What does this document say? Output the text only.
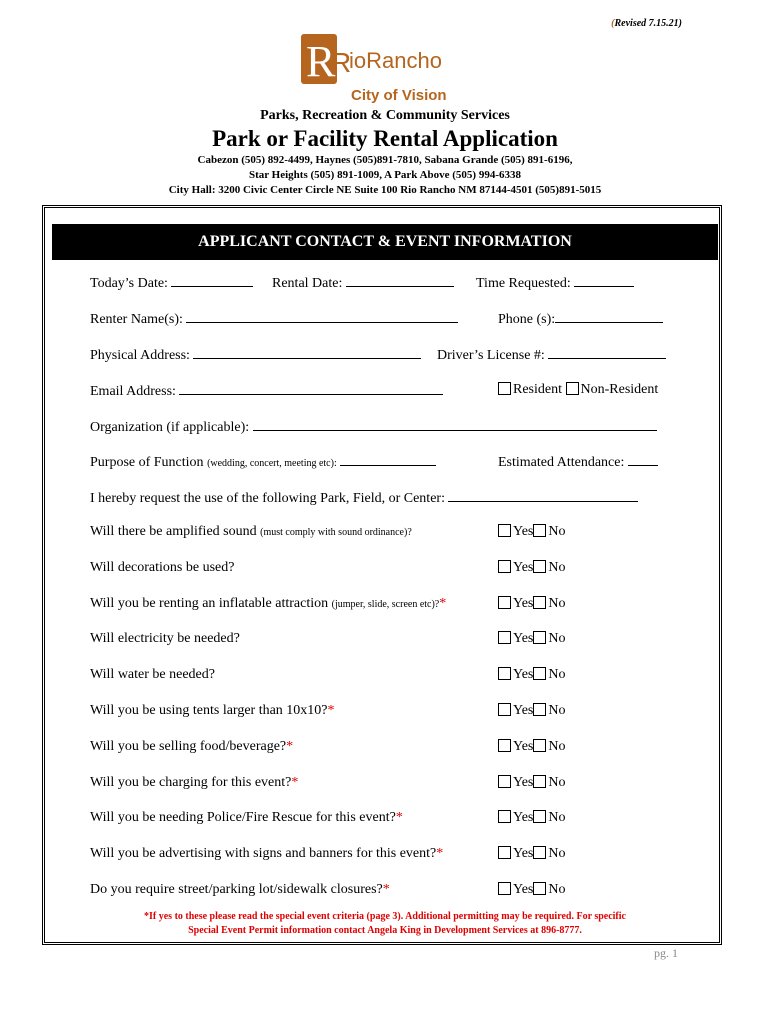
(Revised 7.15.21)
R
R
ioRancho
City of Vision
Parks, Recreation & Community Services
Park or Facility Rental Application
Cabezon (505) 892-4499, Haynes (505)891-7810, Sabana Grande (505) 891-6196,
Star Heights (505) 891-1009, A Park Above (505) 994-6338
City Hall: 3200 Civic Center Circle NE Suite 100 Rio Rancho NM 87144-4501 (505)891-5015
APPLICANT CONTACT & EVENT INFORMATION
Today’s Date:	Rental Date:	Time Requested:
Renter Name(s):	Phone (s):
Physical Address:	Driver’s License #:
Email Address:	Resident Non-Resident
Organization (if applicable):
Purpose of Function (wedding, concert, meeting etc):	Estimated Attendance:
I hereby request the use of the following Park, Field, or Center:
Will there be amplified sound (must comply with sound ordinance)?	Yes No
Will decorations be used?	Yes No
Will you be renting an inflatable attraction (jumper, slide, screen etc)?*	Yes No
Will electricity be needed?	Yes No
Will water be needed?	Yes No
Will you be using tents larger than 10x10?*	Yes No
Will you be selling food/beverage?*	Yes No
Will you be charging for this event?*	Yes No
Will you be needing Police/Fire Rescue for this event?*	Yes No
Will you be advertising with signs and banners for this event?*	Yes No
Do you require street/parking lot/sidewalk closures?*	Yes No
*If yes to these please read the special event criteria (page 3). Additional permitting may be required. For specific
Special Event Permit information contact Angela King in Development Services at 896-8777.
pg. 1
